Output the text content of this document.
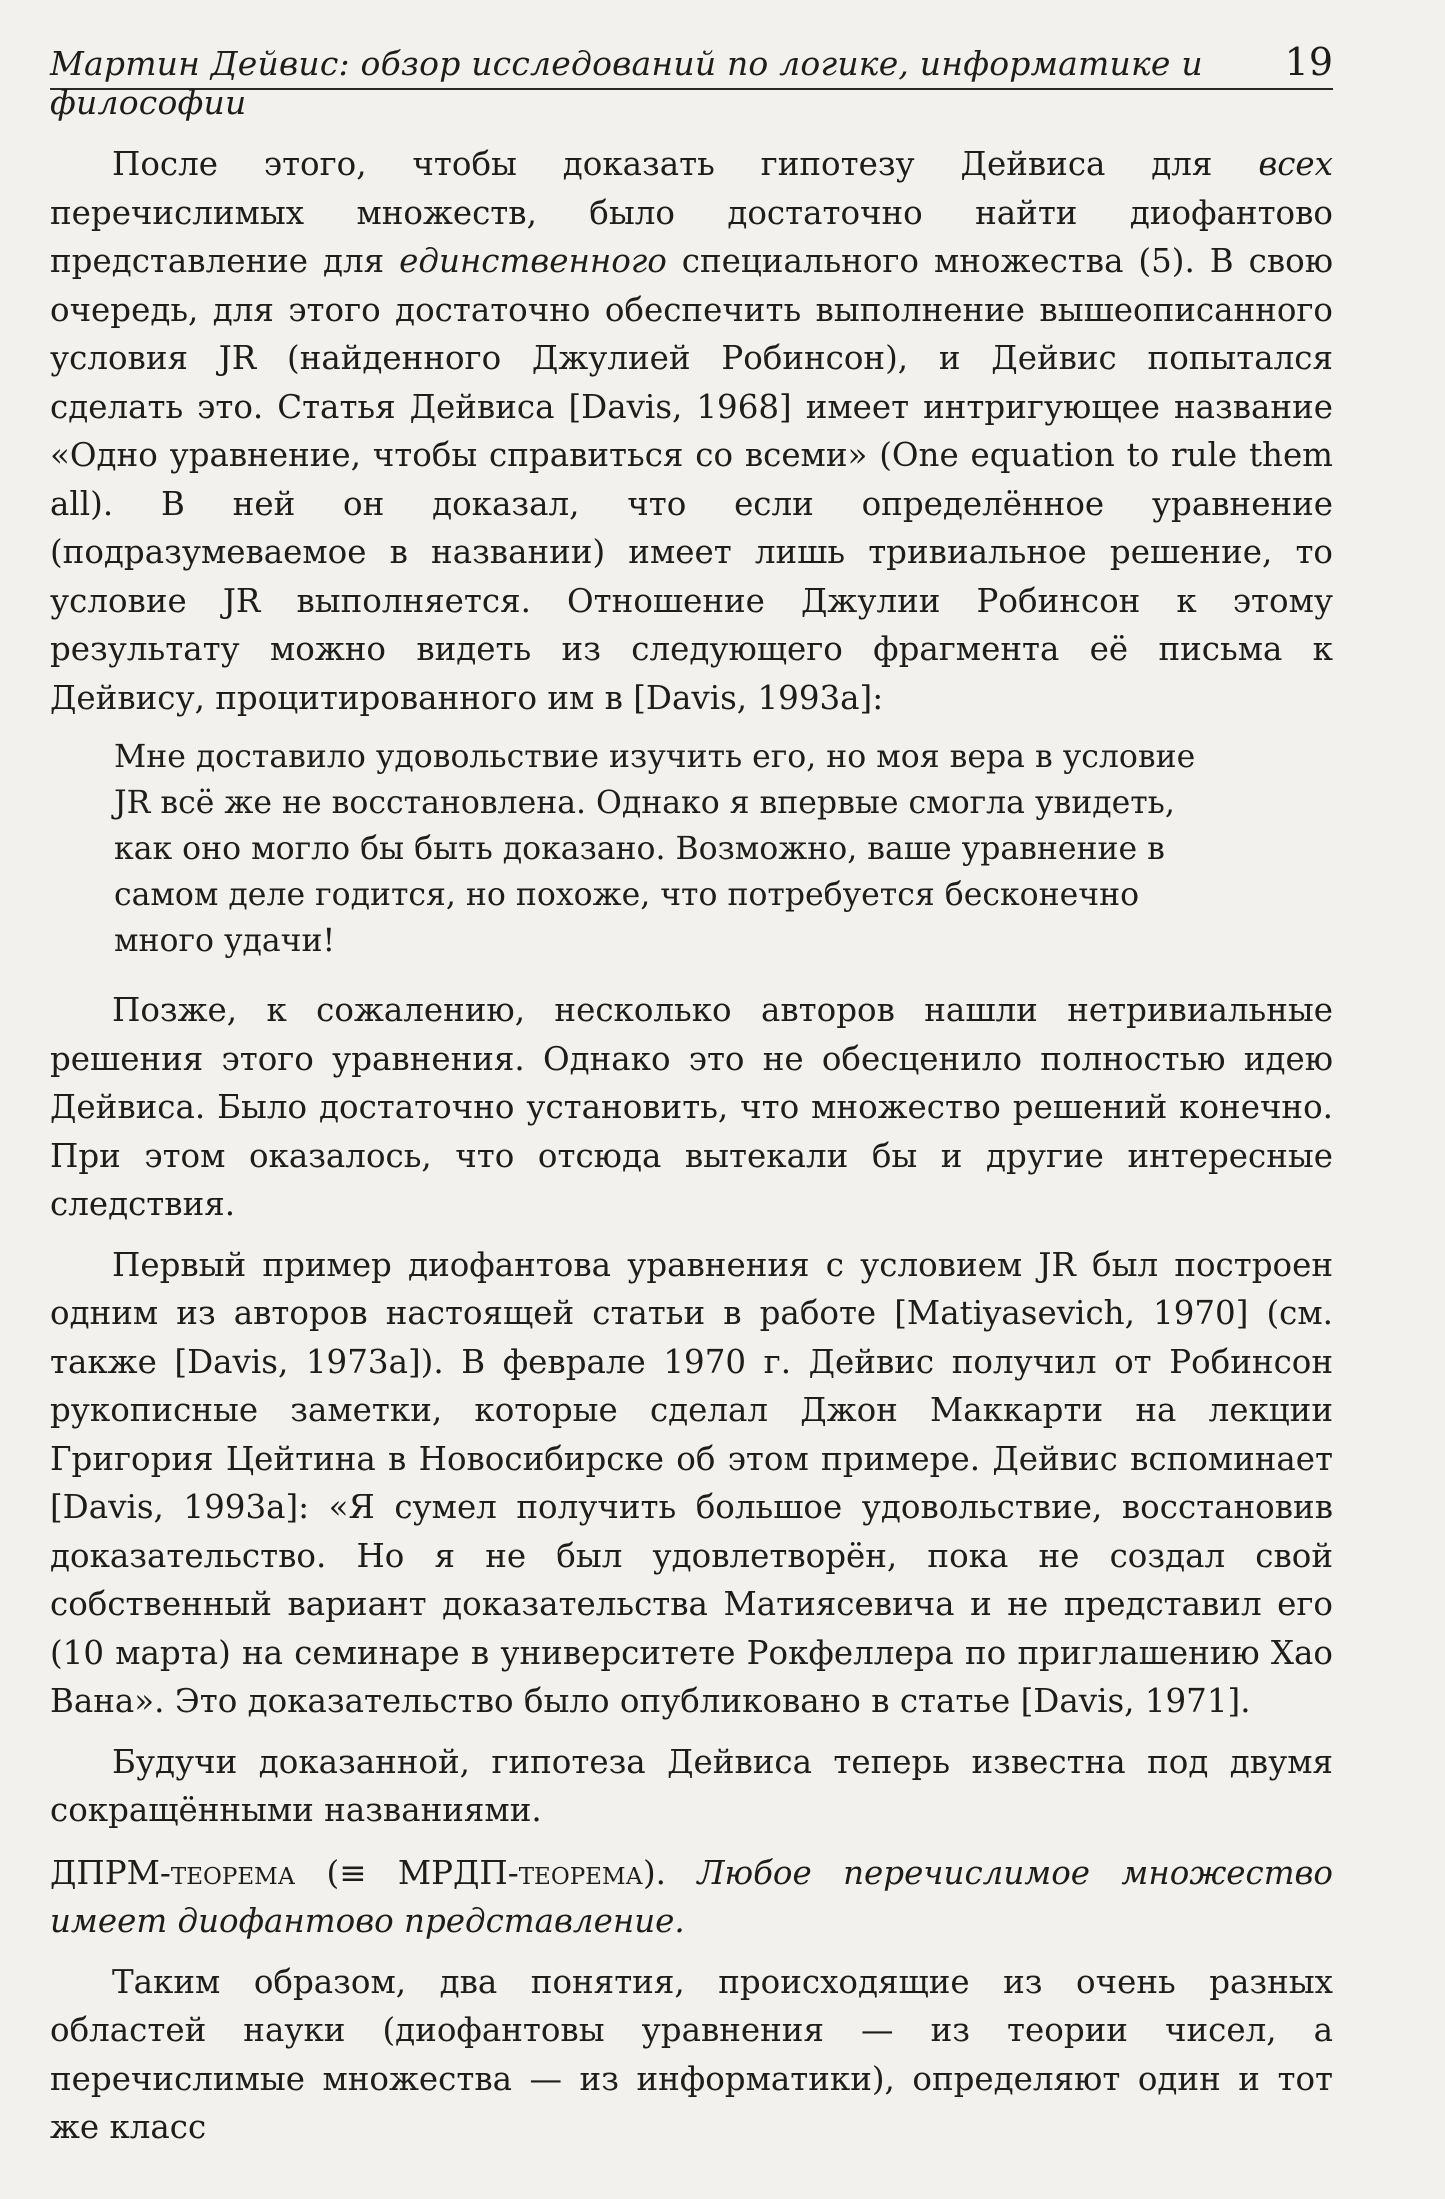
Мартин Дейвис: обзор исследований по логике, информатике и философии
19

После этого, чтобы доказать гипотезу Дейвиса для всех перечислимых множеств, было достаточно найти диофантово представление для единственного специального множества (5). В свою очередь, для этого достаточно обеспечить выполнение вышеописанного условия JR (найденного Джулией Робинсон), и Дейвис попытался сделать это. Статья Дейвиса [Davis, 1968] имеет интригующее название «Одно уравнение, чтобы справиться со всеми» (One equation to rule them all). В ней он доказал, что если определённое уравнение (подразумеваемое в названии) имеет лишь тривиальное решение, то условие JR выполняется. Отношение Джулии Робинсон к этому результату можно видеть из следующего фрагмента её письма к Дейвису, процитированного им в [Davis, 1993a]:

Мне доставило удовольствие изучить его, но моя вера в условие JR всё же не восстановлена. Однако я впервые смогла увидеть, как оно могло бы быть доказано. Возможно, ваше уравнение в самом деле годится, но похоже, что потребуется бесконечно много удачи!

Позже, к сожалению, несколько авторов нашли нетривиальные решения этого уравнения. Однако это не обесценило полностью идею Дейвиса. Было достаточно установить, что множество решений конечно. При этом оказалось, что отсюда вытекали бы и другие интересные следствия.

Первый пример диофантова уравнения с условием JR был построен одним из авторов настоящей статьи в работе [Matiyasevich, 1970] (см. также [Davis, 1973a]). В феврале 1970 г. Дейвис получил от Робинсон рукописные заметки, которые сделал Джон Маккарти на лекции Григория Цейтина в Новосибирске об этом примере. Дейвис вспоминает [Davis, 1993a]: «Я сумел получить большое удовольствие, восстановив доказательство. Но я не был удовлетворён, пока не создал свой собственный вариант доказательства Матиясевича и не представил его (10 марта) на семинаре в университете Рокфеллера по приглашению Хао Вана». Это доказательство было опубликовано в статье [Davis, 1971].

Будучи доказанной, гипотеза Дейвиса теперь известна под двумя сокращёнными названиями.

ДПРМ-теорема (≡ МРДП-теорема). Любое перечислимое множество имеет диофантово представление.

Таким образом, два понятия, происходящие из очень разных областей науки (диофантовы уравнения — из теории чисел, а перечислимые множества — из информатики), определяют один и тот же класс
